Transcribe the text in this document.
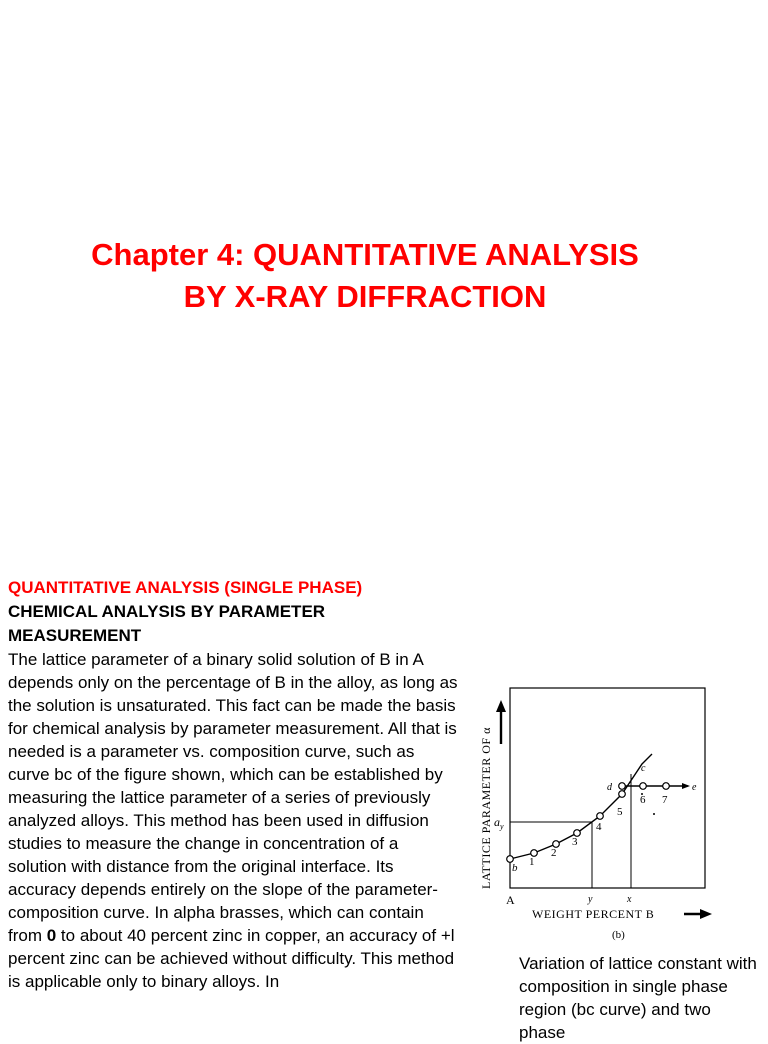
Chapter 4: QUANTITATIVE ANALYSIS
BY X-RAY DIFFRACTION
QUANTITATIVE ANALYSIS (SINGLE PHASE)
CHEMICAL ANALYSIS BY PARAMETER MEASUREMENT

The lattice parameter of a binary solid solution of B in A depends only on the percentage of B in the alloy, as long as the solution is unsaturated. This fact can be made the basis for chemical analysis by parameter measurement. All that is needed is a parameter vs. composition curve, such as curve bc of the figure shown, which can be established by measuring the lattice parameter of a series of previously analyzed alloys. This method has been used in diffusion studies to measure the change in concentration of a solution with distance from the original interface. Its accuracy depends entirely on the slope of the parameter-composition curve. In alpha brasses, which can contain from 0 to about 40 percent zinc in copper, an accuracy of +l percent zinc can be achieved without difficulty. This method is applicable only to binary alloys. In

LATTICE PARAMETER OF α $a_y$
b 1
2
3
4
5
6 7
c
d	e
A	y	x
WEIGHT PERCENT B
(b)
Variation of lattice constant with composition in single phase region (bc curve) and two phase
